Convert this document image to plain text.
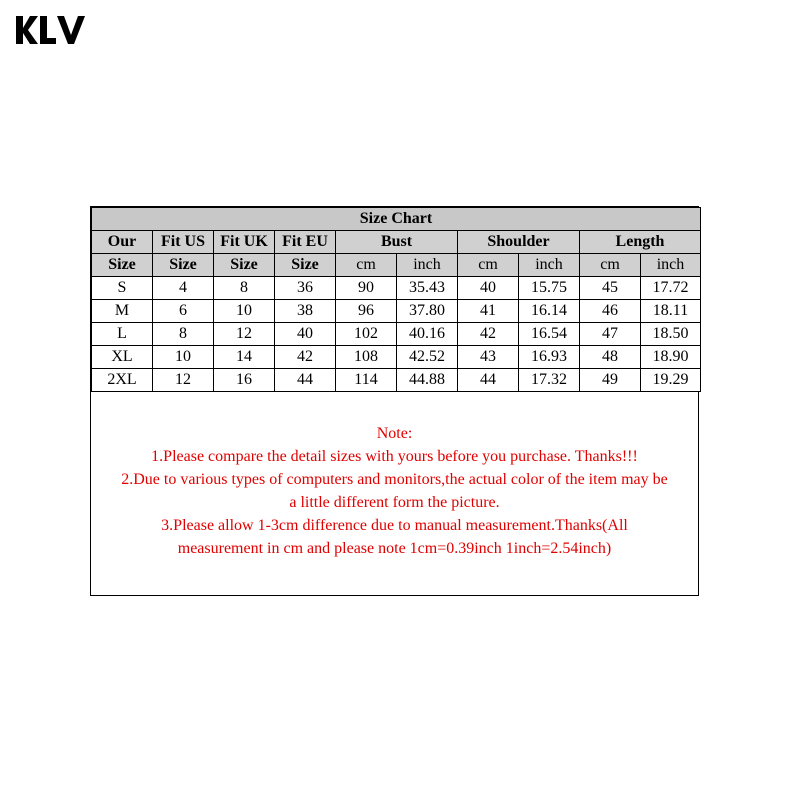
Size Chart									
Our	Fit US	Fit UK	Fit EU	Bust		Shoulder		Length	
Size	Size	Size	Size	cm	inch	cm	inch	cm	inch
S	4	8	36	90	35.43	40	15.75	45	17.72
M	6	10	38	96	37.80	41	16.14	46	18.11
L	8	12	40	102	40.16	42	16.54	47	18.50
XL	10	14	42	108	42.52	43	16.93	48	18.90
2XL	12	16	44	114	44.88	44	17.32	49	19.29

Note:

1.Please compare the detail sizes with yours before you purchase. Thanks!!!

2.Due to various types of computers and monitors,the actual color of the item may be

a little different form the picture.

3.Please allow 1-3cm difference due to manual measurement.Thanks(All

measurement in cm and please note 1cm=0.39inch 1inch=2.54inch)
